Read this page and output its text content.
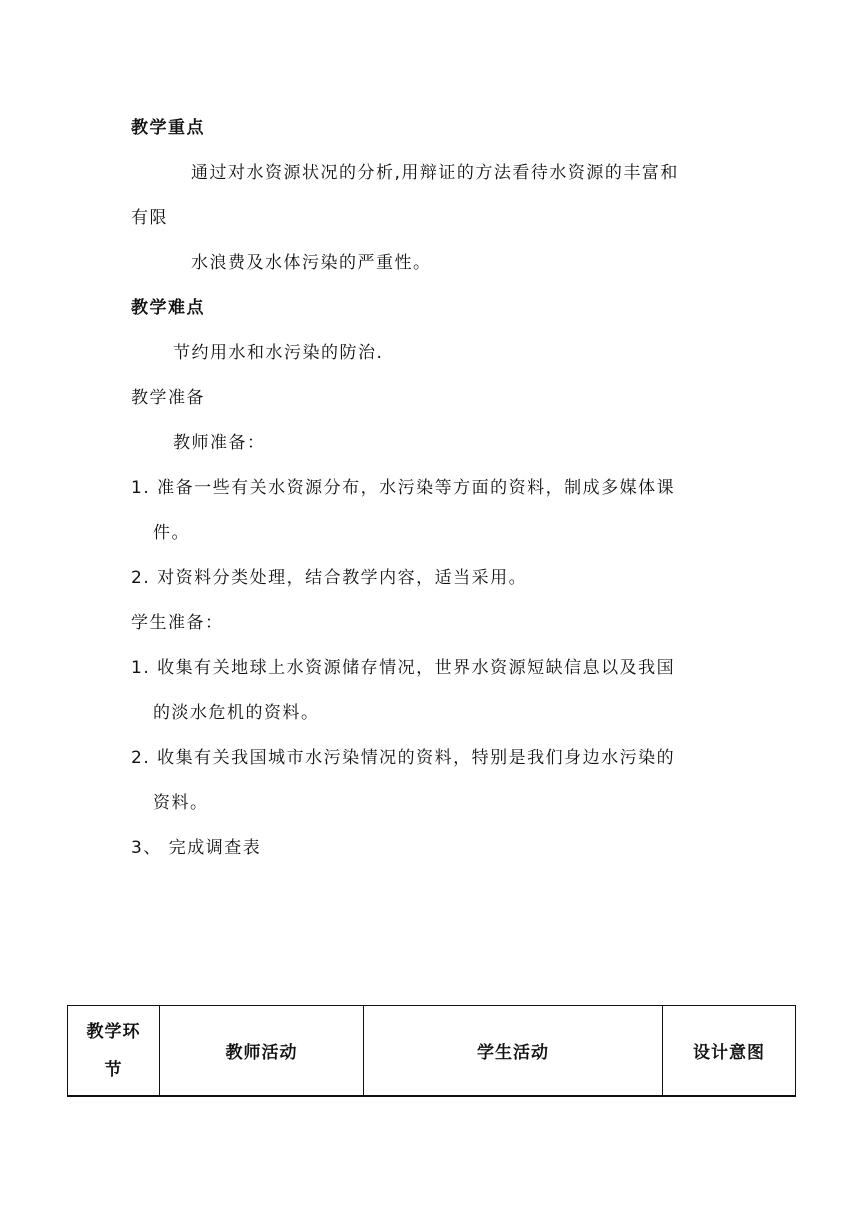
教学重点
通过对水资源状况的分析,用辩证的方法看待水资源的丰富和
有限
水浪费及水体污染的严重性。
教学难点
节约用水和水污染的防治.
教学准备
教师准备：
1. 准备一些有关水资源分布，水污染等方面的资料，制成多媒体课
件。
2. 对资料分类处理，结合教学内容，适当采用。
学生准备：
1. 收集有关地球上水资源储存情况，世界水资源短缺信息以及我国
的淡水危机的资料。
2. 收集有关我国城市水污染情况的资料，特别是我们身边水污染的
资料。
3、 完成调查表
教学环
节	教师活动	学生活动	设计意图
